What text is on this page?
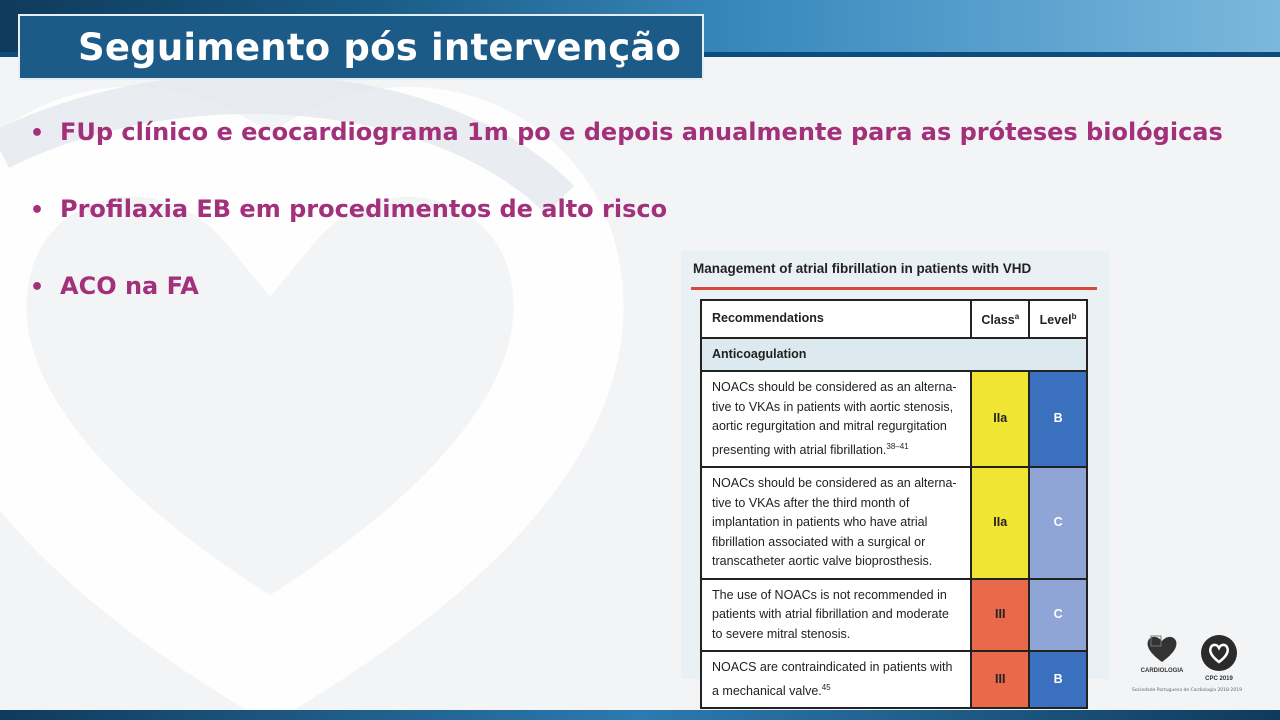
Seguimento pós intervenção
• FUp clínico e ecocardiograma 1m po e depois anualmente para as próteses biológicas
• Profilaxia EB em procedimentos de alto risco
• ACO na FA
Management of atrial fibrillation in patients with VHD
Recommendations	Class$^a$	Level$^b$
Anticoagulation		
NOACs should be considered as an alterna-tive to VKAs in patients with aortic stenosis, aortic regurgitation and mitral regurgitation presenting with atrial fibrillation.$^{38-41}$	IIa	B
NOACs should be considered as an alterna-tive to VKAs after the third month of implantation in patients who have atrial fibrillation associated with a surgical or transcatheter aortic valve bioprosthesis.	IIa	C
The use of NOACs is not recommended in patients with atrial fibrillation and moderate to severe mitral stenosis.	III	C
NOACS are contraindicated in patients with a mechanical valve.$^{45}$	III	B
CARDIOLOGIA
CPC 2019
Sociedade Portuguesa de Cardiologia 2018-2019
